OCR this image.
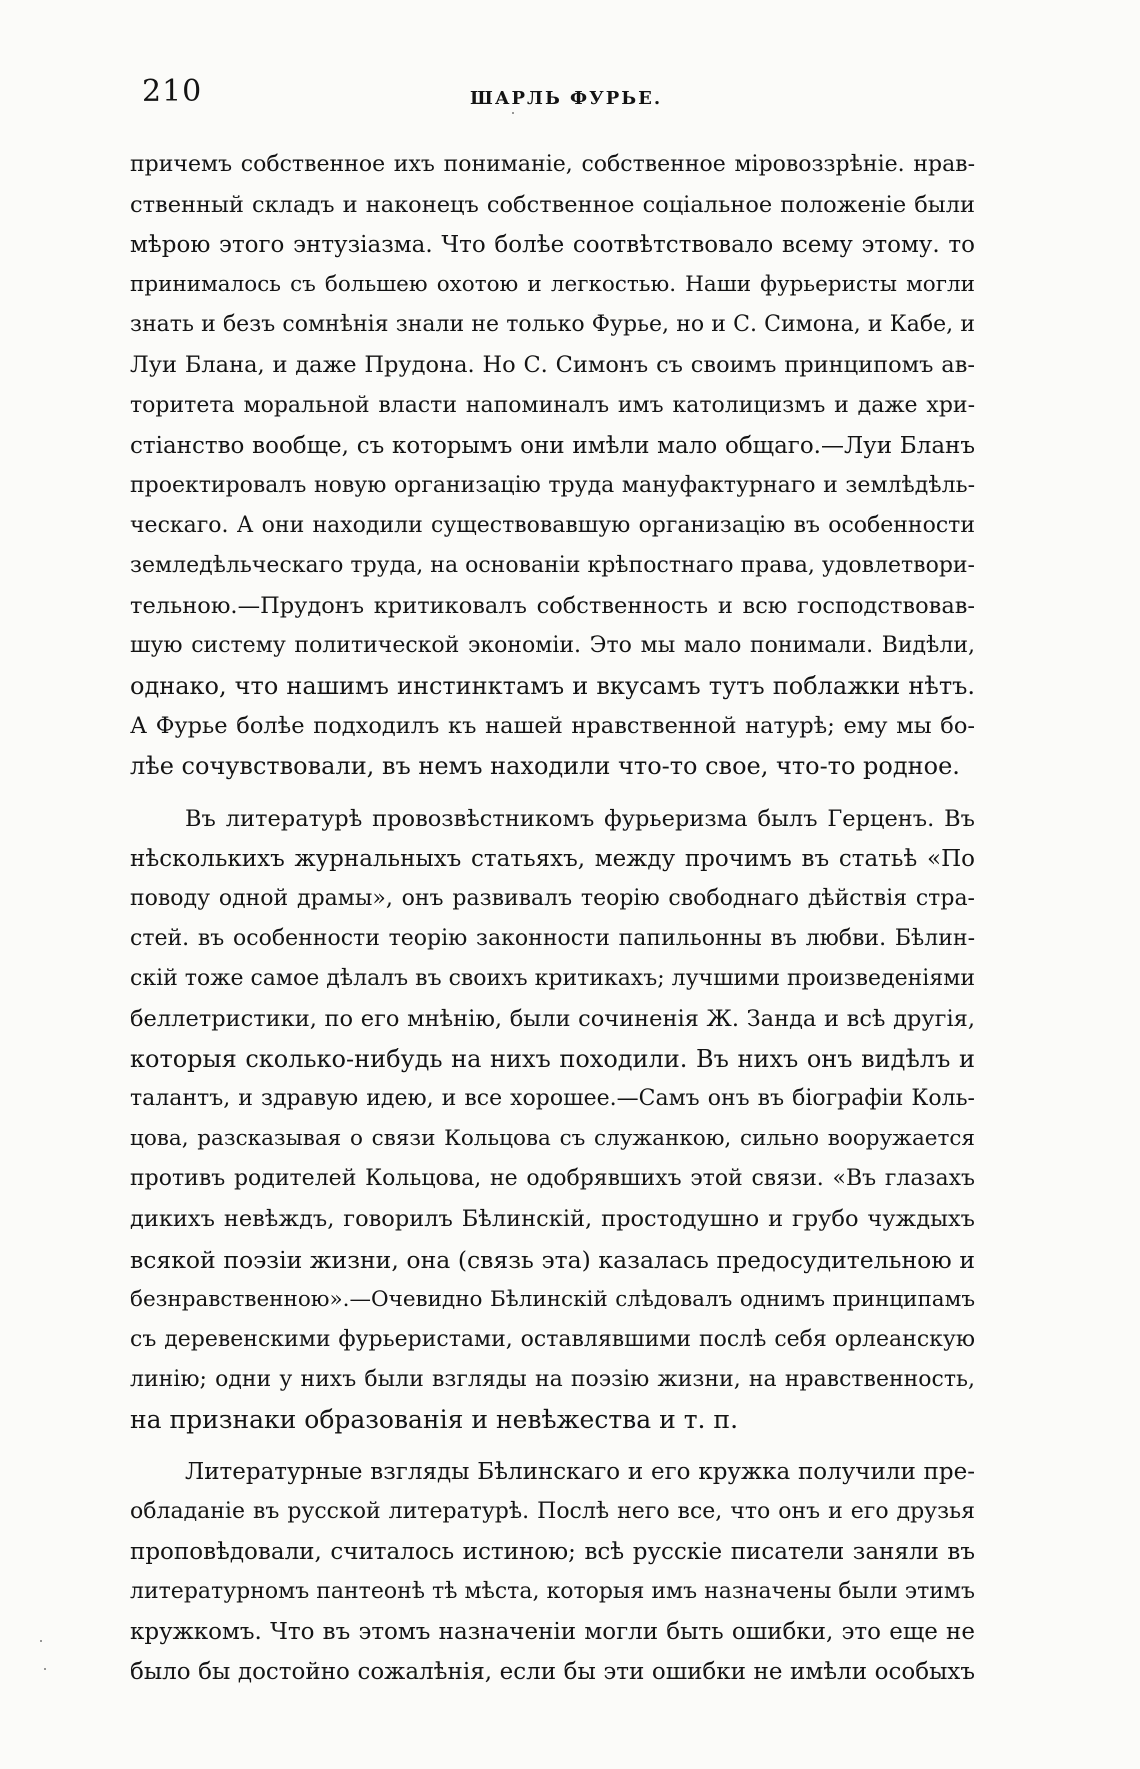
210	ШАРЛЬ ФУРЬЕ.
причемъ собственное ихъ пониманіе, собственное міровоззрѣніе. нрав-
ственный складъ и наконецъ собственное соціальное положеніе были
мѣрою этого энтузіазма. Что болѣе соотвѣтствовало всему этому. то
принималось съ большею охотою и легкостью. Наши фурьеристы могли
знать и безъ сомнѣнія знали не только Фурье, но и С. Симона, и Кабе, и
Луи Блана, и даже Прудона. Но С. Симонъ съ своимъ принципомъ ав-
торитета моральной власти напоминалъ имъ католицизмъ и даже хри-
стіанство вообще, съ которымъ они имѣли мало общаго.—Луи Бланъ
проектировалъ новую организацію труда мануфактурнаго и землѣдѣль-
ческаго. А они находили существовавшую организацію въ особенности
земледѣльческаго труда, на основаніи крѣпостнаго права, удовлетвори-
тельною.—Прудонъ критиковалъ собственность и всю господствовав-
шую систему политической экономіи. Это мы мало понимали. Видѣли,
однако, что нашимъ инстинктамъ и вкусамъ тутъ поблажки нѣтъ.
А Фурье болѣе подходилъ къ нашей нравственной натурѣ; ему мы бо-
лѣе сочувствовали, въ немъ находили что-то свое, что-то родное.
Въ литературѣ провозвѣстникомъ фурьеризма былъ Герценъ. Въ
нѣсколькихъ журнальныхъ статьяхъ, между прочимъ въ статьѣ «По
поводу одной драмы», онъ развивалъ теорію свободнаго дѣйствія стра-
стей. въ особенности теорію законности папильонны въ любви. Бѣлин-
скій тоже самое дѣлалъ въ своихъ критикахъ; лучшими произведеніями
беллетристики, по его мнѣнію, были сочиненія Ж. Занда и всѣ другія,
которыя сколько-нибудь на нихъ походили. Въ нихъ онъ видѣлъ и
талантъ, и здравую идею, и все хорошее.—Самъ онъ въ біографіи Коль-
цова, разсказывая о связи Кольцова съ служанкою, сильно вооружается
противъ родителей Кольцова, не одобрявшихъ этой связи. «Въ глазахъ
дикихъ невѣждъ, говорилъ Бѣлинскій, простодушно и грубо чуждыхъ
всякой поэзіи жизни, она (связь эта) казалась предосудительною и
безнравственною».—Очевидно Бѣлинскій слѣдовалъ однимъ принципамъ
съ деревенскими фурьеристами, оставлявшими послѣ себя орлеанскую
линію; одни у нихъ были взгляды на поэзію жизни, на нравственность,
на признаки образованія и невѣжества и т. п.
Литературные взгляды Бѣлинскаго и его кружка получили пре-
обладаніе въ русской литературѣ. Послѣ него все, что онъ и его друзья
проповѣдовали, считалось истиною; всѣ русскіе писатели заняли въ
литературномъ пантеонѣ тѣ мѣста, которыя имъ назначены были этимъ
кружкомъ. Что въ этомъ назначеніи могли быть ошибки, это еще не
было бы достойно сожалѣнія, если бы эти ошибки не имѣли особыхъ
